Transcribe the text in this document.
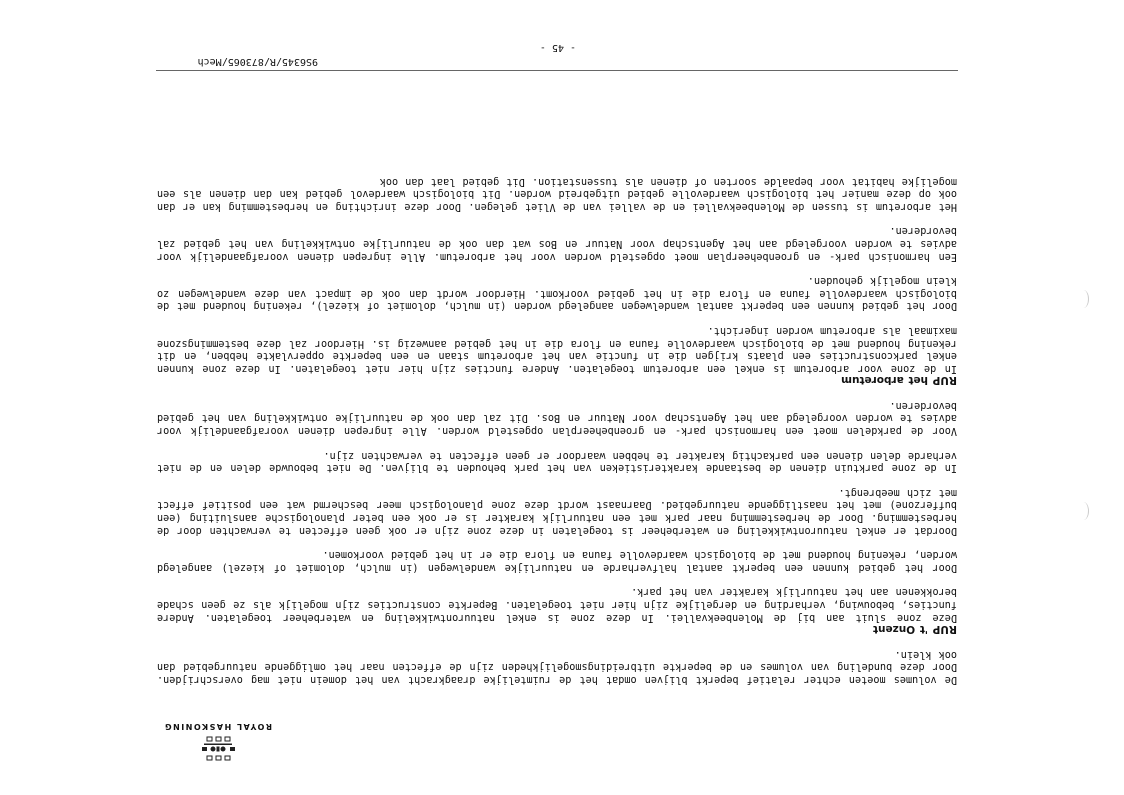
ROYAL HASKONING

De volumes moeten echter relatief beperkt blijven omdat het de ruimtelijke draagkracht van het domein niet mag overschrijden. Door deze bundeling van volumes en de beperkte uitbreidingsmogelijkheden zijn de effecten naar het omliggende natuurgebied dan ook klein.

RUP 't Onzent

Deze zone sluit aan bij de Molenbeekvallei. In deze zone is enkel natuurontwikkeling en waterbeheer toegelaten. Andere functies, bebouwing, verharding en dergelijke zijn hier niet toegelaten. Beperkte constructies zijn mogelijk als ze geen schade berokkenen aan het natuurlijk karakter van het park.

Door het gebied kunnen een beperkt aantal halfverharde en natuurlijke wandelwegen (in mulch, dolomiet of kiezel) aangelegd worden, rekening houdend met de biologisch waardevolle fauna en flora die er in het gebied voorkomen.

Doordat er enkel natuurontwikkeling en waterbeheer is toegelaten in deze zone zijn er ook geen effecten te verwachten door de herbestemming. Door de herbestemming naar park met een natuurlijk karakter is er ook een beter planologische aansluiting (een bufferzone) met het naastliggende natuurgebied. Daarnaast wordt deze zone planologisch meer beschermd wat een positief effect met zich meebrengt.

In de zone parktuin dienen de bestaande karakteristieken van het park behouden te blijven. De niet bebouwde delen en de niet verharde delen dienen een parkachtig karakter te hebben waardoor er geen effecten te verwachten zijn.

Voor de parkdelen moet een harmonisch park- en groenbeheerplan opgesteld worden. Alle ingrepen dienen voorafgaandelijk voor advies te worden voorgelegd aan het Agentschap voor Natuur en Bos. Dit zal dan ook de natuurlijke ontwikkeling van het gebied bevorderen.

RUP het arboretum

In de zone voor arboretum is enkel een arboretum toegelaten. Andere functies zijn hier niet toegelaten. In deze zone kunnen enkel parkconstructies een plaats krijgen die in functie van het arboretum staan en een beperkte oppervlakte hebben, en dit rekening houdend met de biologisch waardevolle fauna en flora die in het gebied aanwezig is. Hierdoor zal deze bestemmingszone maximaal als arboretum worden ingericht.

Door het gebied kunnen een beperkt aantal wandelwegen aangelegd worden (in mulch, dolomiet of kiezel), rekening houdend met de biologisch waardevolle fauna en flora die in het gebied voorkomt. Hierdoor wordt dan ook de impact van deze wandelwegen zo klein mogelijk gehouden.

Een harmonisch park- en groenbeheerplan moet opgesteld worden voor het arboretum. Alle ingrepen dienen voorafgaandelijk voor advies te worden voorgelegd aan het Agentschap voor Natuur en Bos wat dan ook de natuurlijke ontwikkeling van het gebied zal bevorderen.

Het arboretum is tussen de Molenbeekvallei en de vallei van de Vliet gelegen. Door deze inrichting en herbestemming kan er dan ook op deze manier het biologisch waardevolle gebied uitgebreid worden. Dit biologisch waardevol gebied kan dan dienen als een mogelijke habitat voor bepaalde soorten of dienen als tussenstation. Dit gebied laat dan ook

9S6345/R/873065/Mech
- 45 -
